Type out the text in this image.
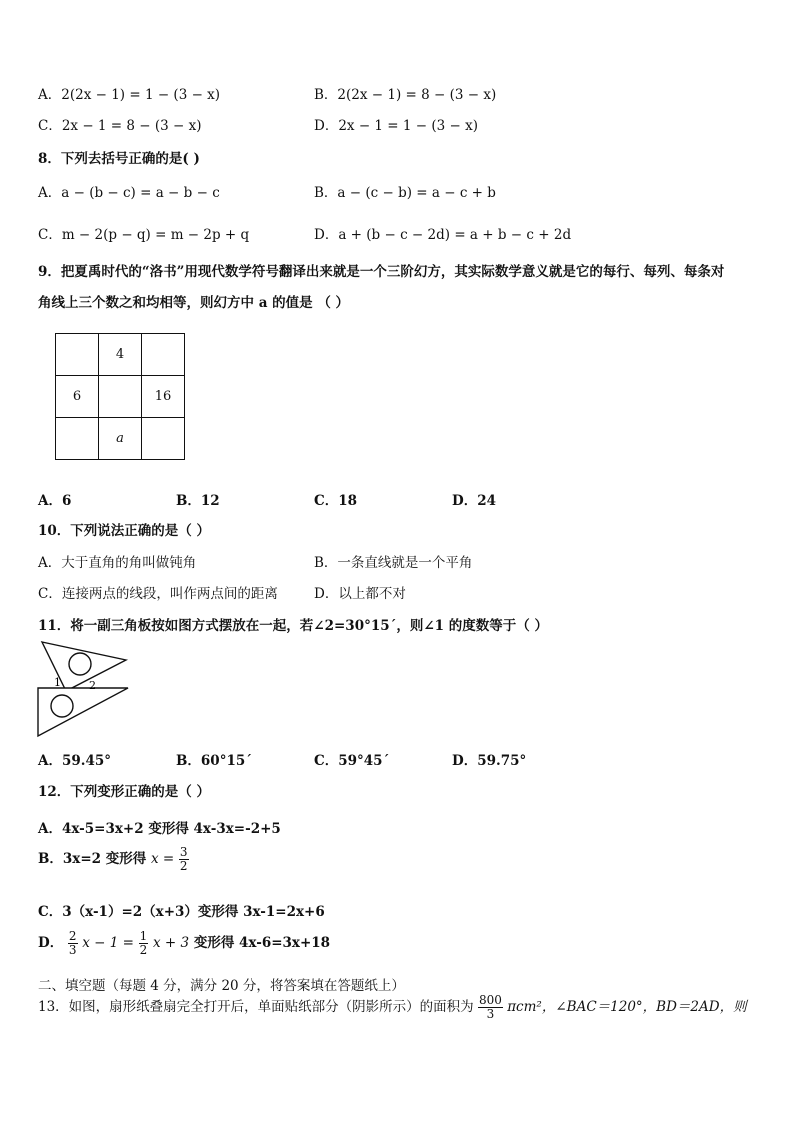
A．2(2x − 1) = 1 − (3 − x)	B．2(2x − 1) = 8 − (3 − x)
C．2x − 1 = 8 − (3 − x)	D．2x − 1 = 1 − (3 − x)
8．下列去括号正确的是( )
A．a − (b − c) = a − b − c	B．a − (c − b) = a − c + b
C．m − 2(p − q) = m − 2p + q	D．a + (b − c − 2d) = a + b − c + 2d
9．把夏禹时代的“洛书”用现代数学符号翻译出来就是一个三阶幻方，其实际数学意义就是它的每行、每列、每条对
角线上三个数之和均相等，则幻方中 a 的值是 （ ）
	4	
6		16
	a	
A．6	B．12	C．18	D．24
10．下列说法正确的是（ ）
A．大于直角的角叫做钝角	B．一条直线就是一个平角
C．连接两点的线段，叫作两点间的距离	D．以上都不对
11．将一副三角板按如图方式摆放在一起，若∠2=30°15´，则∠1 的度数等于（ ）
1	2
A．59.45°	B．60°15´	C．59°45´	D．59.75°
12．下列变形正确的是（ ）
A．4x-5=3x+2 变形得 4x-3x=-2+5
B．3x=2 变形得 $x = \frac{3}{2}$
C．3（x-1）=2（x+3）变形得 3x-1=2x+6
D． $\frac{2}{3}$ $x - 1 = \frac{1}{2}$ x + 3 变形得 4x-6=3x+18
二、填空题（每题 4 分，满分 20 分，将答案填在答题纸上）
13．如图，扇形纸叠扇完全打开后，单面贴纸部分（阴影所示）的面积为 $\frac{800}{3} \pi cm^2$，∠BAC＝120°，BD＝2AD，则
